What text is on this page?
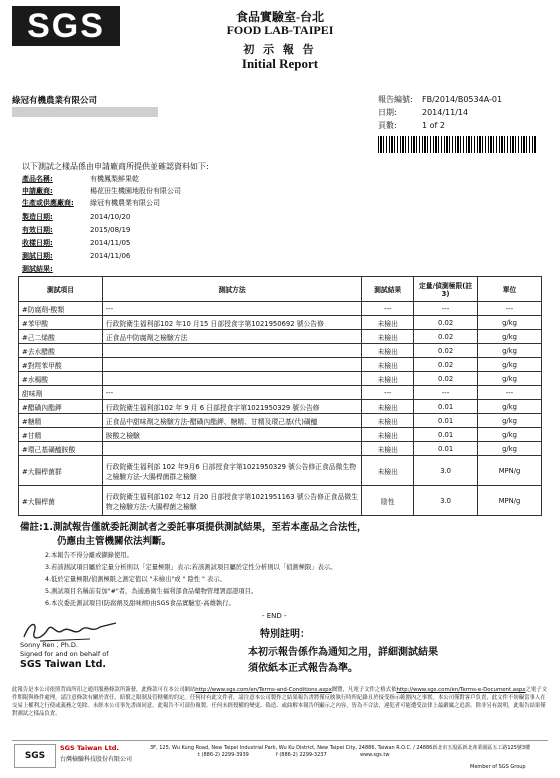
SGS	食品實驗室-台北
FOOD LAB-TAIPEI
初 示 報 告
Initial Report
綠冠有機農業有限公司	報告編號: FB/2014/B0534A-01
日期:	2014/11/14
頁數:	1 of 2
以下測試之樣品係由申請廠商所提供並確認資料如下:
產品名稱:	有機鳳梨鮮果乾
申請廠商:	楊花田生機園地股份有限公司
生產或供應廠商: 綠冠有機農業有限公司
製造日期:	2014/10/20
有效日期:	2015/08/19
收樣日期:	2014/11/05
測試日期:	2014/11/06
測試結果:
測試項目	測試方法	測試結果	定量/偵測極限(註3)	單位
#防腐劑-酸類	---	---	---	---
#苯甲酸	行政院衛生福利部102 年10 月15 日部授食字第1021950692 號公告修	未檢出	0.02	g/kg
#己二烯酸	正食品中防腐劑之檢驗方法	未檢出	0.02	g/kg
#去水醋酸		未檢出	0.02	g/kg
#對羥苯甲酸		未檢出	0.02	g/kg
#水楊酸		未檢出	0.02	g/kg
甜味劑	---	---	---	---
#醋磺內酯鉀	行政院衛生福利部102 年 9 月 6 日部授食字第1021950329 號公告修	未檢出	0.01	g/kg
#糖精	正食品中甜味劑之檢驗方法-醋磺內酯鉀、糖精、甘精及環己基(代)磺醯	未檢出	0.01	g/kg
#甘精	胺酸之檢驗	未檢出	0.01	g/kg
#環己基磺醯胺酸		未檢出	0.01	g/kg
#大腸桿菌群	行政院衛生福利部 102 年9月6 日部授食字第1021950329 號公告修正食品微生物之檢驗方法-大腸桿菌群之檢驗	未檢出	3.0	MPN/g
#大腸桿菌	行政院衛生福利部102 年12 月20 日部授食字第1021951163 號公告修正食品微生物之檢驗方法-大腸桿菌之檢驗	陰性	3.0	MPN/g
備註:1.測試報告僅就委託測試者之委託事項提供測試結果，至若本產品之合法性，
仍應由主管機關依法判斷。
2.本報告不得分離或擷錄使用。
3.若該測試項目屬於定量分析則以「定量極限」表示;若該測試項目屬於定性分析則以「偵測極限」表示。
4.低於定量極限/偵測極限之測定值以 "未檢出"或 " 陰性 " 表示。
5.測試項目名稱前有加"#"者，為通過衛生福利部食品藥物管理署認證項目。
6.本次委託測試項目(防腐劑及甜味劑)由SGS食品實驗室-高雄執行。
- END -
Sonny Ren , Ph.D.
Signed for and on behalf of
SGS Taiwan Ltd.
特別註明：
本初示報告係作為通知之用，詳細測試結果
須依紙本正式報告為準。
此報告是本公司依照背面所印之通用服務條款所簽發，此條款可在本公司網站http://www.sgs.com/en/Terms-and-Conditions.aspx閱覽，凡電子文件之格式依http://www.sgs.com/en/Terms-e-Document.aspx之電子文件期限與條件處理。請注意條款有關於責任、賠償之限制及管轄權的約定。任何持有此文件者，請注意本公司製作之結果報告書將僅反映執行時所紀錄且於接受指示範圍內之事實。本公司僅對客戶負責，此文件不妨礙當事人在交易上權利之行使或義務之免除。未經本公司事先書面同意，此報告不可部份複製。任何未經授權的變更、偽造、或曲解本報告所顯示之內容，皆為不合法，違犯者可能遭受法律上最嚴厲之追訴。除非另有說明，此報告結果僅對測試之樣品負責。
SGS
SGS Taiwan Ltd.
台灣檢驗科技股份有限公司
3F, 125, Wu Kung Road, New Taipei Industrial Park, Wu Ku District, New Taipei City, 24886, Taiwan R.O.C. / 24886新北市五股區新北產業園區五工路125號3樓
t (886-2) 2299-3939	f (886-2) 2299-3237	www.sgs.tw
Member of SGS Group
